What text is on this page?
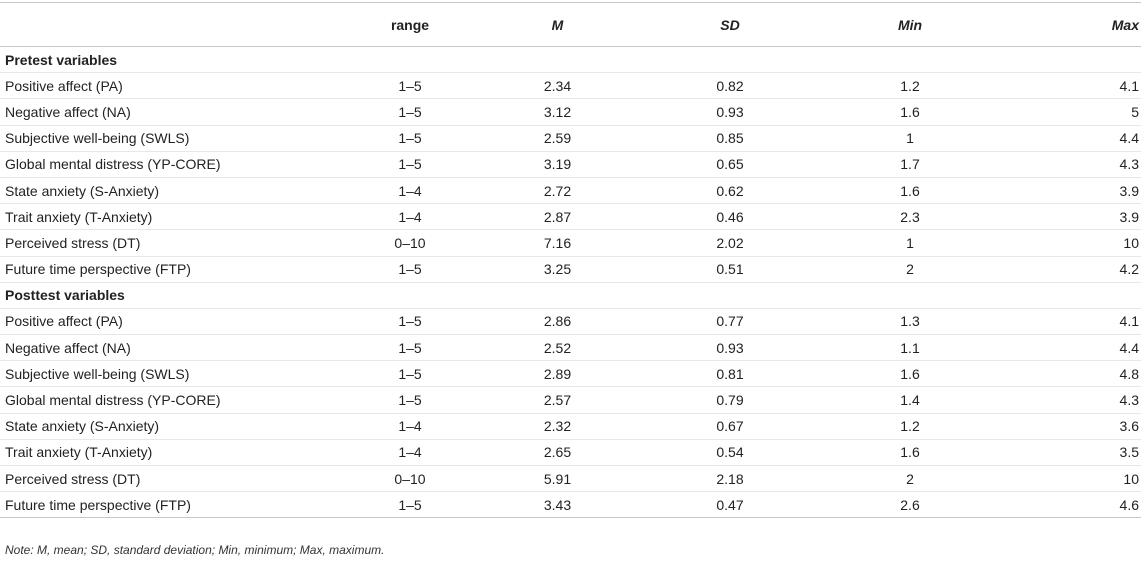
	range	M	SD	Min	Max
Pretest variables					
Positive affect (PA)	1–5	2.34	0.82	1.2	4.1
Negative affect (NA)	1–5	3.12	0.93	1.6	5
Subjective well-being (SWLS)	1–5	2.59	0.85	1	4.4
Global mental distress (YP-CORE)	1–5	3.19	0.65	1.7	4.3
State anxiety (S-Anxiety)	1–4	2.72	0.62	1.6	3.9
Trait anxiety (T-Anxiety)	1–4	2.87	0.46	2.3	3.9
Perceived stress (DT)	0–10	7.16	2.02	1	10
Future time perspective (FTP)	1–5	3.25	0.51	2	4.2
Posttest variables					
Positive affect (PA)	1–5	2.86	0.77	1.3	4.1
Negative affect (NA)	1–5	2.52	0.93	1.1	4.4
Subjective well-being (SWLS)	1–5	2.89	0.81	1.6	4.8
Global mental distress (YP-CORE)	1–5	2.57	0.79	1.4	4.3
State anxiety (S-Anxiety)	1–4	2.32	0.67	1.2	3.6
Trait anxiety (T-Anxiety)	1–4	2.65	0.54	1.6	3.5
Perceived stress (DT)	0–10	5.91	2.18	2	10
Future time perspective (FTP)	1–5	3.43	0.47	2.6	4.6
Note: M, mean; SD, standard deviation; Min, minimum; Max, maximum.
